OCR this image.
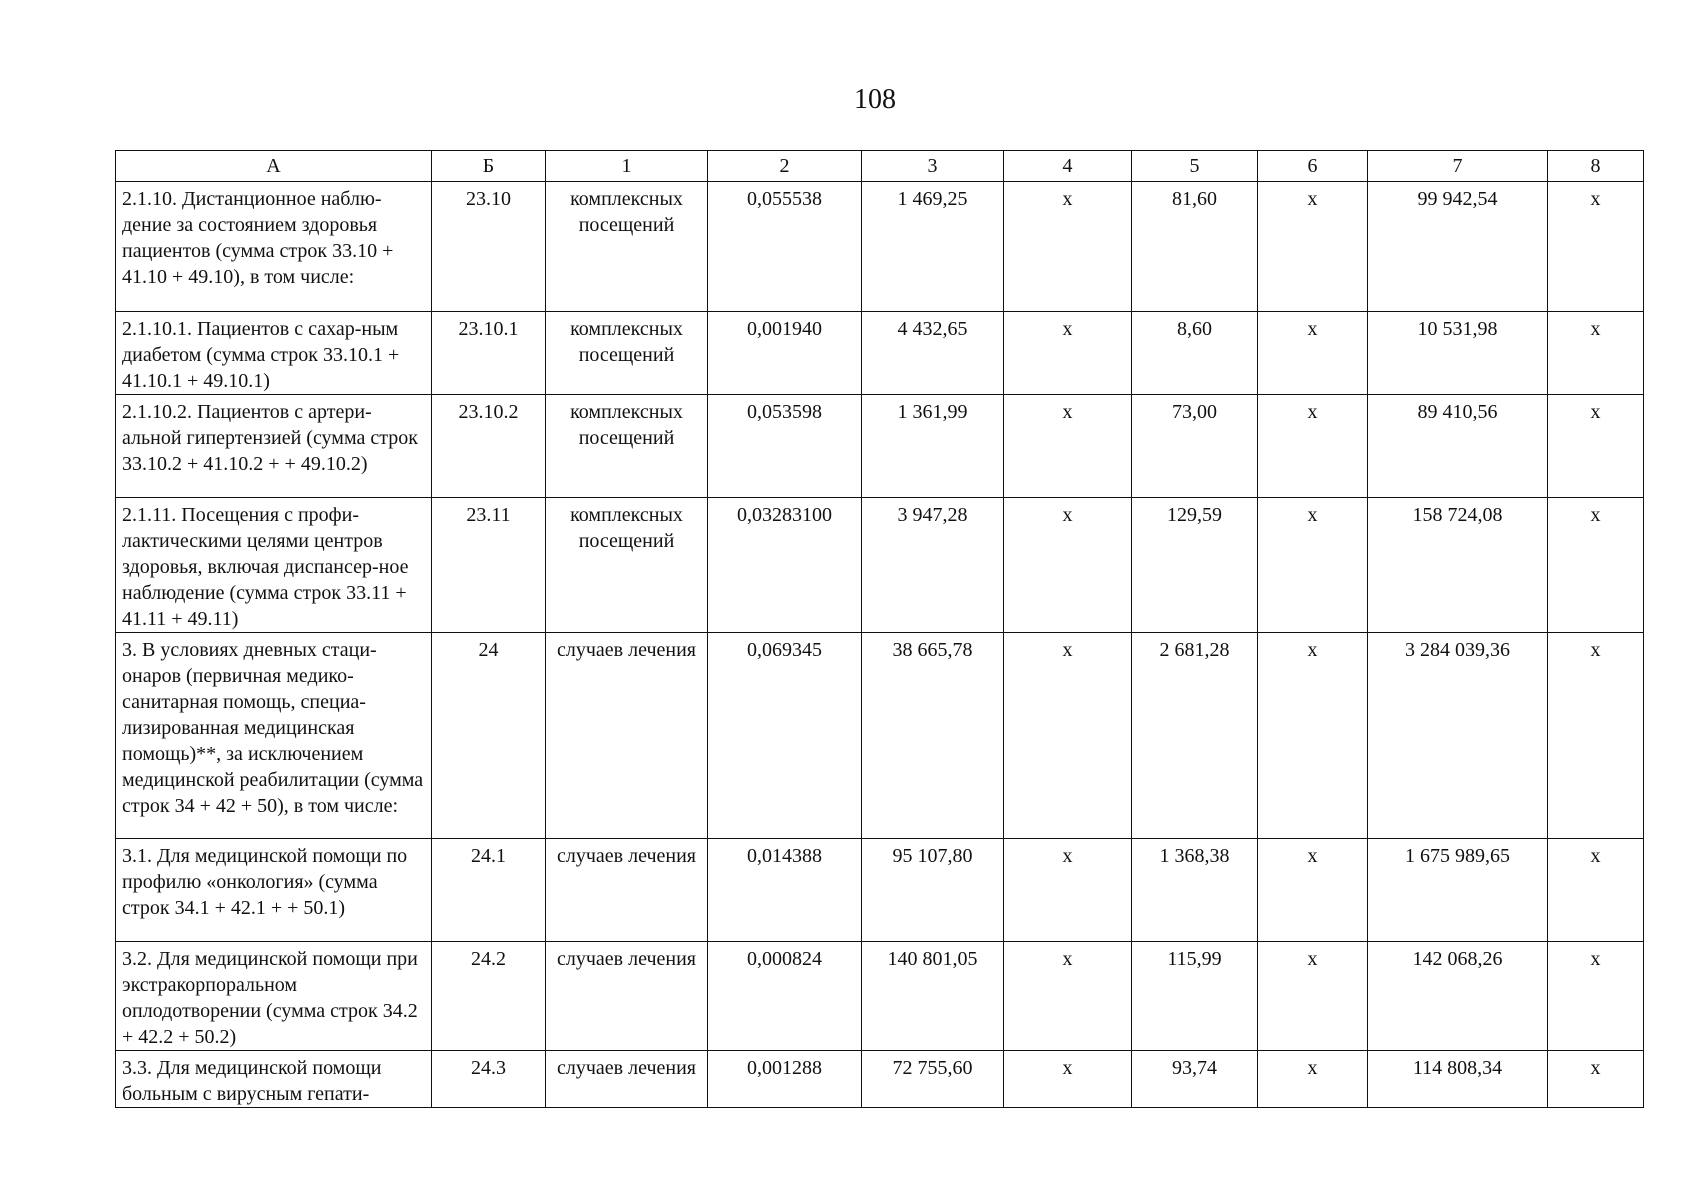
108
А	Б	1	2	3	4	5	6	7	8
2.1.10. Дистанционное наблю-дение за состоянием здоровья пациентов (сумма строк 33.10 + 41.10 + 49.10), в том числе:	23.10	комплексных посещений	0,055538	1 469,25	х	81,60	х	99 942,54	х
2.1.10.1. Пациентов с сахар-ным диабетом (сумма строк 33.10.1 + 41.10.1 + 49.10.1)	23.10.1	комплексных посещений	0,001940	4 432,65	х	8,60	х	10 531,98	х
2.1.10.2. Пациентов с артери-альной гипертензией (сумма строк 33.10.2 + 41.10.2 + + 49.10.2)	23.10.2	комплексных посещений	0,053598	1 361,99	х	73,00	х	89 410,56	х
2.1.11. Посещения с профи-лактическими целями центров здоровья, включая диспансер-ное наблюдение (сумма строк 33.11 + 41.11 + 49.11)	23.11	комплексных посещений	0,03283100	3 947,28	х	129,59	х	158 724,08	х
3. В условиях дневных стаци-онаров (первичная медико-санитарная помощь, специа-лизированная медицинская помощь)**, за исключением медицинской реабилитации (сумма строк 34 + 42 + 50), в том числе:	24	случаев лечения	0,069345	38 665,78	х	2 681,28	х	3 284 039,36	х
3.1. Для медицинской помощи по профилю «онкология» (сумма строк 34.1 + 42.1 + + 50.1)	24.1	случаев лечения	0,014388	95 107,80	х	1 368,38	х	1 675 989,65	х
3.2. Для медицинской помощи при экстракорпоральном оплодотворении (сумма строк 34.2 + 42.2 + 50.2)	24.2	случаев лечения	0,000824	140 801,05	х	115,99	х	142 068,26	х
3.3. Для медицинской помощи больным с вирусным гепати-	24.3	случаев лечения	0,001288	72 755,60	х	93,74	х	114 808,34	х
